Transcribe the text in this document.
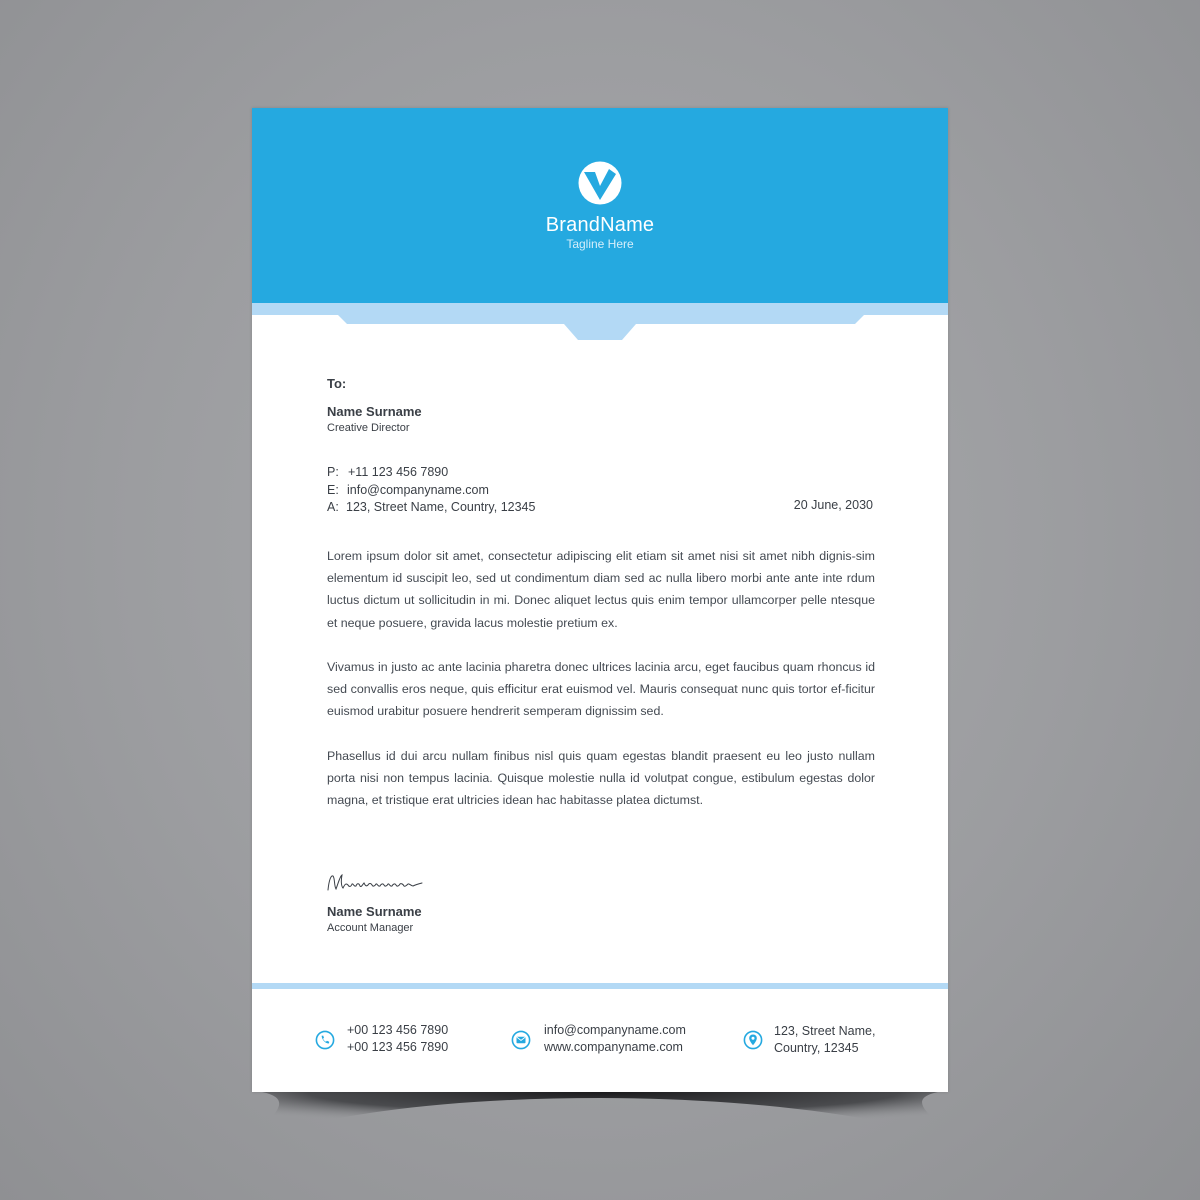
BrandName
Tagline Here
To:
Name Surname
Creative Director
P: +11 123 456 7890
E: info@companyname.com
A: 123, Street Name, Country, 12345	20 June, 2030

Lorem ipsum dolor sit amet, consectetur adipiscing elit etiam sit amet nisi sit amet nibh dignis-sim elementum id suscipit leo, sed ut condimentum diam sed ac nulla libero morbi ante ante inte rdum luctus dictum ut sollicitudin in mi. Donec aliquet lectus quis enim tempor ullamcorper pelle ntesque et neque posuere, gravida lacus molestie pretium ex.

Vivamus in justo ac ante lacinia pharetra donec ultrices lacinia arcu, eget faucibus quam rhoncus id sed convallis eros neque, quis efficitur erat euismod vel. Mauris consequat nunc quis tortor ef-ficitur euismod urabitur posuere hendrerit semperam dignissim sed.

Phasellus id dui arcu nullam finibus nisl quis quam egestas blandit praesent eu leo justo nullam porta nisi non tempus lacinia. Quisque molestie nulla id volutpat congue, estibulum egestas dolor magna, et tristique erat ultricies idean hac habitasse platea dictumst.

Name Surname
Account Manager
+00 123 456 7890
+00 123 456 7890
info@companyname.com
www.companyname.com
123, Street Name,
Country, 12345
